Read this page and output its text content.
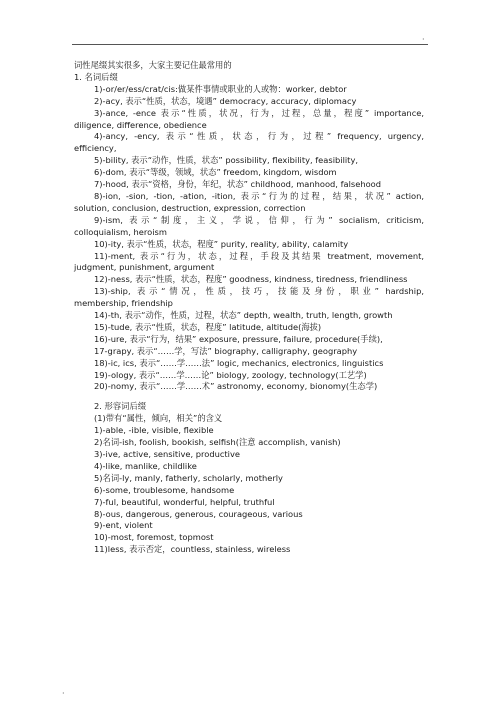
·
词性尾缀其实很多，大家主要记住最常用的
1. 名词后缀
1)-or/er/ess/crat/cis:做某件事情或职业的人或物：worker, debtor
2)-acy, 表示“性质，状态，境遇” democracy, accuracy, diplomacy
3)-ance, -ence 表示“性质，状况，行为，过程，总量，程度” importance,
diligence, difference, obedience
4)-ancy, -ency, 表示“性质，状态，行为，过程” frequency, urgency,
efficiency,
5)-bility, 表示“动作，性质，状态” possibility, flexibility, feasibility,
6)-dom, 表示“等级，领域，状态” freedom, kingdom, wisdom
7)-hood, 表示“资格，身份，年纪，状态” childhood, manhood, falsehood
8)-ion, -sion, -tion, -ation, -ition, 表示“行为的过程，结果，状况” action,
solution, conclusion, destruction, expression, correction
9)-ism, 表示“制度，主义，学说，信仰，行为” socialism, criticism,
colloquialism, heroism
10)-ity, 表示“性质，状态，程度” purity, reality, ability, calamity
11)-ment, 表示“行为，状态，过程，手段及其结果 treatment, movement,
judgment, punishment, argument
12)-ness, 表示“性质，状态，程度” goodness, kindness, tiredness, friendliness
13)-ship, 表示“情况，性质，技巧，技能及身份，职业” hardship,
membership, friendship
14)-th, 表示“动作，性质，过程，状态” depth, wealth, truth, length, growth
15)-tude, 表示“性质，状态，程度” latitude, altitude(海拔)
16)-ure, 表示“行为，结果” exposure, pressure, failure, procedure(手续),
17-grapy, 表示“……学，写法” biography, calligraphy, geography
18)-ic, ics, 表示“……学……法” logic, mechanics, electronics, linguistics
19)-ology, 表示“……学……论” biology, zoology, technology(工艺学)
20)-nomy, 表示“……学……术” astronomy, economy, bionomy(生态学)
2. 形容词后缀
(1)带有“属性，倾向，相关”的含义
1)-able, -ible, visible, flexible
2)名词-ish, foolish, bookish, selfish(注意 accomplish, vanish)
3)-ive, active, sensitive, productive
4)-like, manlike, childlike
5)名词-ly, manly, fatherly, scholarly, motherly
6)-some, troublesome, handsome
7)-ful, beautiful, wonderful, helpful, truthful
8)-ous, dangerous, generous, courageous, various
9)-ent, violent
10)-most, foremost, topmost
11)less, 表示否定，countless, stainless, wireless
·
